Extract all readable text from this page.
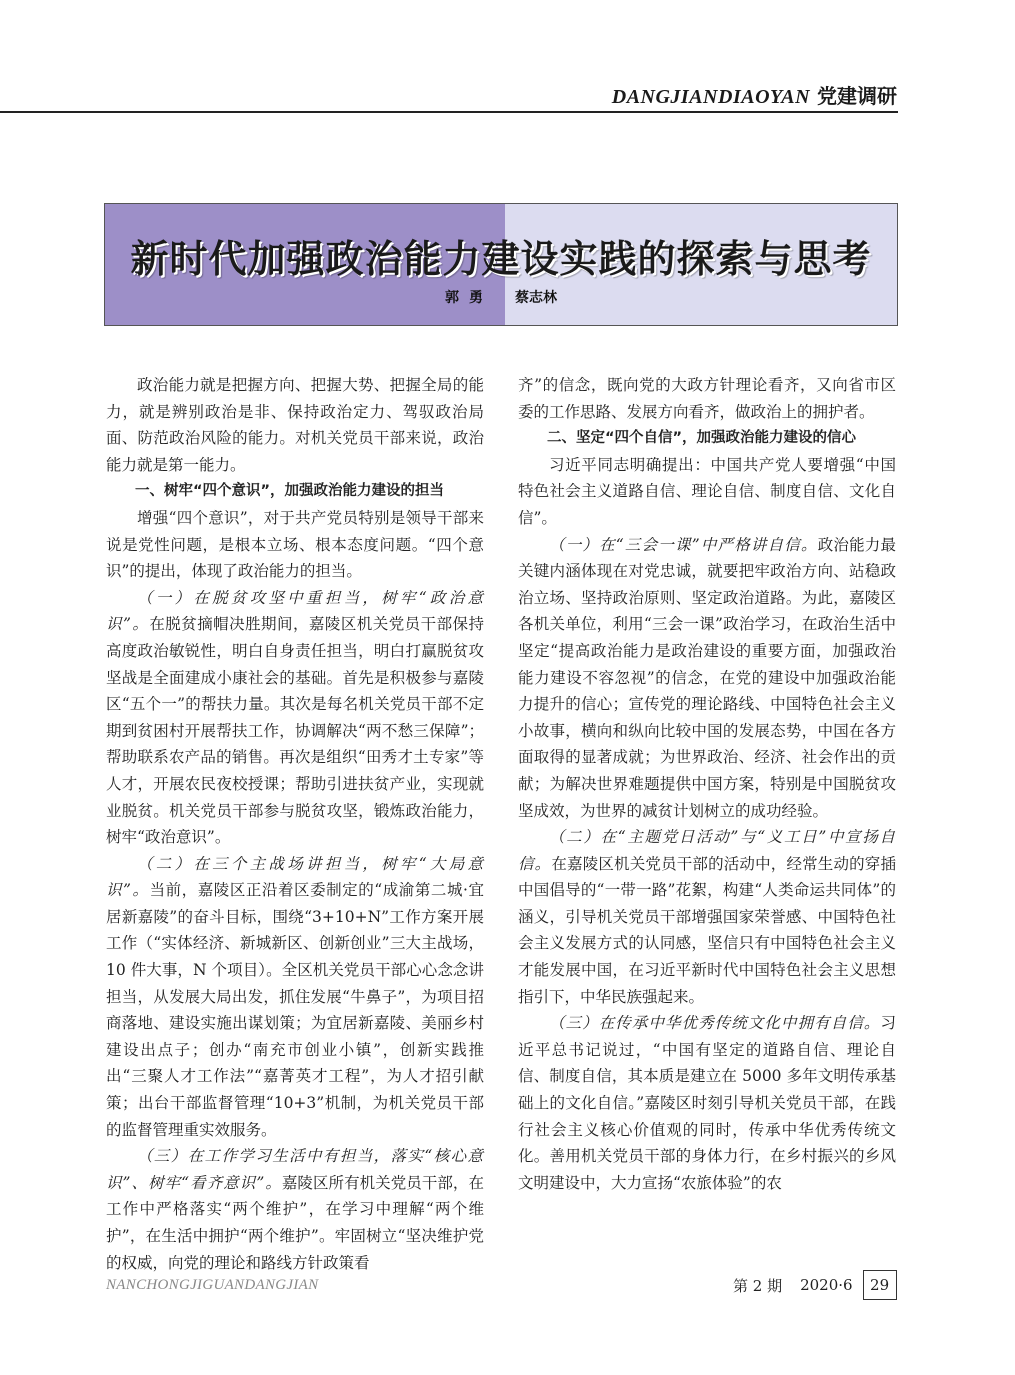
DANGJIANDIAOYAN 党建调研
新时代加强政治能力建设实践的探索与思考
郭勇 蔡志林

政治能力就是把握方向、把握大势、把握全局的能力，就是辨别政治是非、保持政治定力、驾驭政治局面、防范政治风险的能力。对机关党员干部来说，政治能力就是第一能力。

一、树牢“四个意识”，加强政治能力建设的担当

增强“四个意识”，对于共产党员特别是领导干部来说是党性问题，是根本立场、根本态度问题。“四个意识”的提出，体现了政治能力的担当。

（一）在脱贫攻坚中重担当，树牢“政治意识”。在脱贫摘帽决胜期间，嘉陵区机关党员干部保持高度政治敏锐性，明白自身责任担当，明白打赢脱贫攻坚战是全面建成小康社会的基础。首先是积极参与嘉陵区“五个一”的帮扶力量。其次是每名机关党员干部不定期到贫困村开展帮扶工作，协调解决“两不愁三保障”；帮助联系农产品的销售。再次是组织“田秀才土专家”等人才，开展农民夜校授课；帮助引进扶贫产业，实现就业脱贫。机关党员干部参与脱贫攻坚，锻炼政治能力，树牢“政治意识”。

（二）在三个主战场讲担当，树牢“大局意识”。当前，嘉陵区正沿着区委制定的“成渝第二城·宜居新嘉陵”的奋斗目标，围绕“3+10+N”工作方案开展工作（“实体经济、新城新区、创新创业”三大主战场，10 件大事，N 个项目）。全区机关党员干部心心念念讲担当，从发展大局出发，抓住发展“牛鼻子”，为项目招商落地、建设实施出谋划策；为宜居新嘉陵、美丽乡村建设出点子；创办“南充市创业小镇”，创新实践推出“三聚人才工作法”“嘉菁英才工程”，为人才招引献策；出台干部监督管理“10+3”机制，为机关党员干部的监督管理重实效服务。

（三）在工作学习生活中有担当，落实“核心意识”、树牢“看齐意识”。嘉陵区所有机关党员干部，在工作中严格落实“两个维护”，在学习中理解“两个维护”，在生活中拥护“两个维护”。牢固树立“坚决维护党的权威，向党的理论和路线方针政策看

齐”的信念，既向党的大政方针理论看齐，又向省市区委的工作思路、发展方向看齐，做政治上的拥护者。

二、坚定“四个自信”，加强政治能力建设的信心

习近平同志明确提出：中国共产党人要增强“中国特色社会主义道路自信、理论自信、制度自信、文化自信”。

（一）在“三会一课”中严格讲自信。政治能力最关键内涵体现在对党忠诚，就要把牢政治方向、站稳政治立场、坚持政治原则、坚定政治道路。为此，嘉陵区各机关单位，利用“三会一课”政治学习，在政治生活中坚定“提高政治能力是政治建设的重要方面，加强政治能力建设不容忽视”的信念，在党的建设中加强政治能力提升的信心；宣传党的理论路线、中国特色社会主义小故事，横向和纵向比较中国的发展态势，中国在各方面取得的显著成就；为世界政治、经济、社会作出的贡献；为解决世界难题提供中国方案，特别是中国脱贫攻坚成效，为世界的减贫计划树立的成功经验。

（二）在“主题党日活动”与“义工日”中宣扬自信。在嘉陵区机关党员干部的活动中，经常生动的穿插中国倡导的“一带一路”花絮，构建“人类命运共同体”的涵义，引导机关党员干部增强国家荣誉感、中国特色社会主义发展方式的认同感，坚信只有中国特色社会主义才能发展中国，在习近平新时代中国特色社会主义思想指引下，中华民族强起来。

（三）在传承中华优秀传统文化中拥有自信。习近平总书记说过，“中国有坚定的道路自信、理论自信、制度自信，其本质是建立在 5000 多年文明传承基础上的文化自信。”嘉陵区时刻引导机关党员干部，在践行社会主义核心价值观的同时，传承中华优秀传统文化。善用机关党员干部的身体力行，在乡村振兴的乡风文明建设中，大力宣扬“农旅体验”的农

NANCHONGJIGUANDANGJIAN	第 2 期 2020·6	29
